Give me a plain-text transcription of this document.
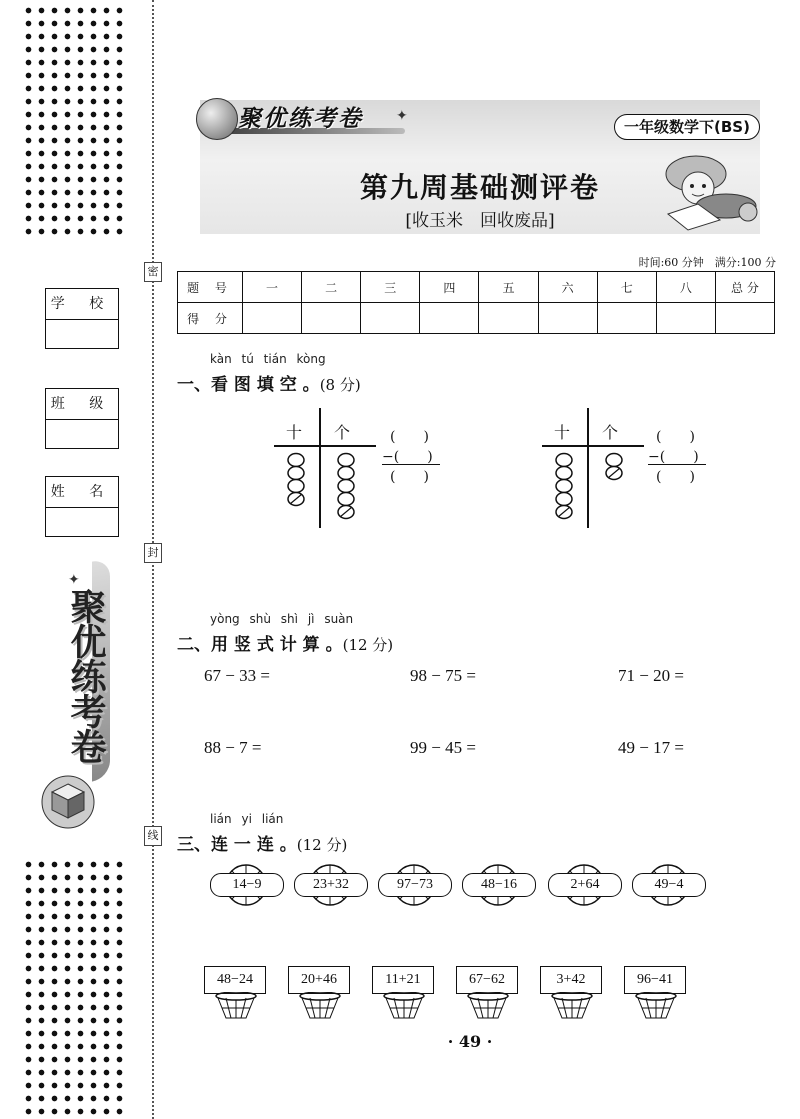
密
封
线
学 校
班 级
姓 名
聚优练考卷
✦
聚优练考卷 ✦
一年级数学下(BS)
第九周基础测评卷
[收玉米　回收废品]
时间:60 分钟　满分:100 分
题 号	一	二	三	四	五	六	七	八	总 分
得 分									
kàn tú tián kòng
一、看 图 填 空 。(8 分)
十 个	(　　)
−(　　)
(　　)
十 个	(　　)
−(　　)
(　　)
yòng shù shì jì suàn
二、用 竖 式 计 算 。(12 分)
67 − 33 =	98 − 75 =	71 − 20 =
88 − 7 =	99 − 45 =	49 − 17 =
lián yi lián
三、连 一 连 。(12 分)
14−9	23+32	97−73	48−16	2+64	49−4
48−24	20+46	11+21	67−62	3+42	96−41
· 49 ·
